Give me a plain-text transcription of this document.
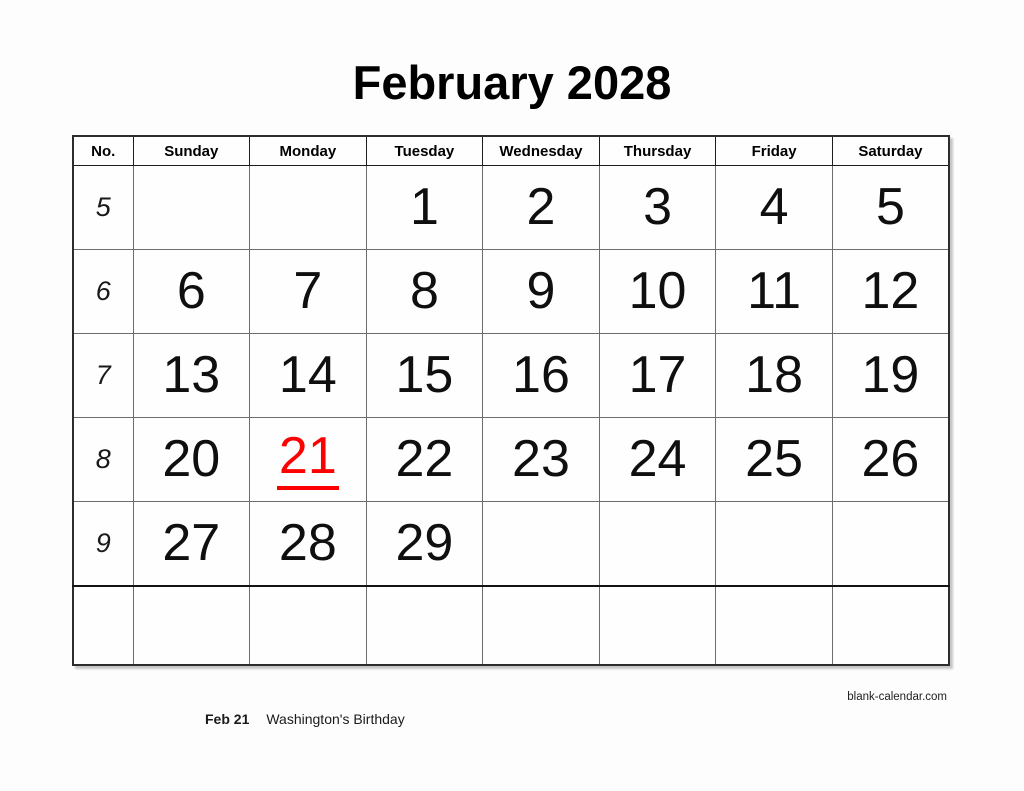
February 2028
No.	Sunday	Monday	Tuesday	Wednesday	Thursday	Friday	Saturday
5			1	2	3	4	5
6	6	7	8	9	10	11	12
7	13	14	15	16	17	18	19
8	20	21	22	23	24	25	26
9	27	28	29				

Feb 21 Washington's Birthday
blank-calendar.com
